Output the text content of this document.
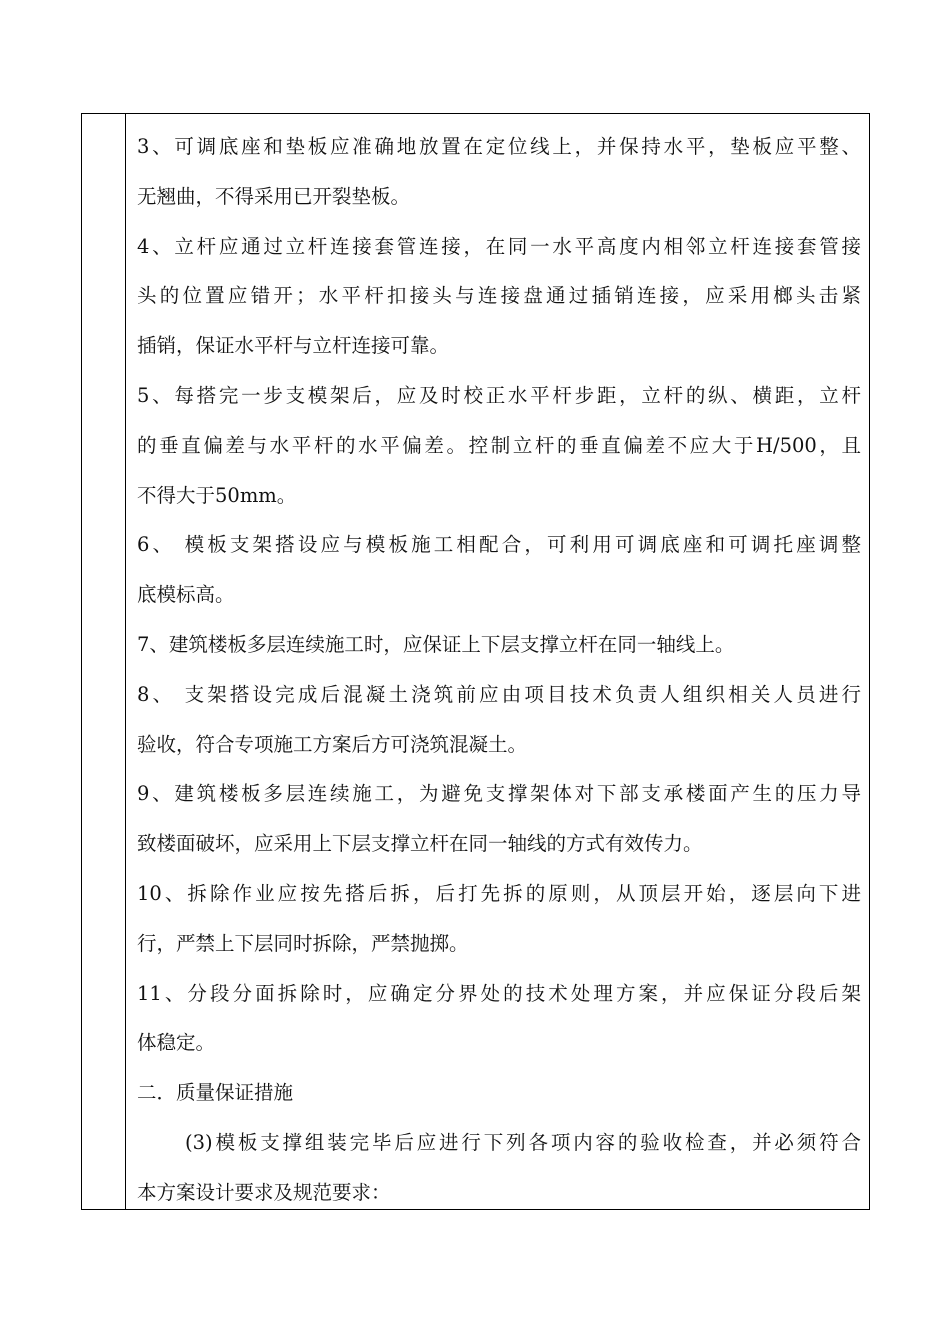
3、可调底座和垫板应准确地放置在定位线上，并保持水平，垫板应平整、
无翘曲，不得采用已开裂垫板。
4、立杆应通过立杆连接套管连接，在同一水平高度内相邻立杆连接套管接
头的位置应错开；水平杆扣接头与连接盘通过插销连接，应采用榔头击紧
插销，保证水平杆与立杆连接可靠。
5、每搭完一步支模架后，应及时校正水平杆步距，立杆的纵、横距，立杆
的垂直偏差与水平杆的水平偏差。控制立杆的垂直偏差不应大于H/500，且
不得大于50mm。
6、 模板支架搭设应与模板施工相配合，可利用可调底座和可调托座调整
底模标高。
7、建筑楼板多层连续施工时，应保证上下层支撑立杆在同一轴线上。
8、 支架搭设完成后混凝土浇筑前应由项目技术负责人组织相关人员进行
验收，符合专项施工方案后方可浇筑混凝土。
9、建筑楼板多层连续施工，为避免支撑架体对下部支承楼面产生的压力导
致楼面破坏，应采用上下层支撑立杆在同一轴线的方式有效传力。
10、拆除作业应按先搭后拆，后打先拆的原则，从顶层开始，逐层向下进
行，严禁上下层同时拆除，严禁抛掷。
11、分段分面拆除时，应确定分界处的技术处理方案，并应保证分段后架
体稳定。
二．质量保证措施
(3)模板支撑组装完毕后应进行下列各项内容的验收检查，并必须符合
本方案设计要求及规范要求：
